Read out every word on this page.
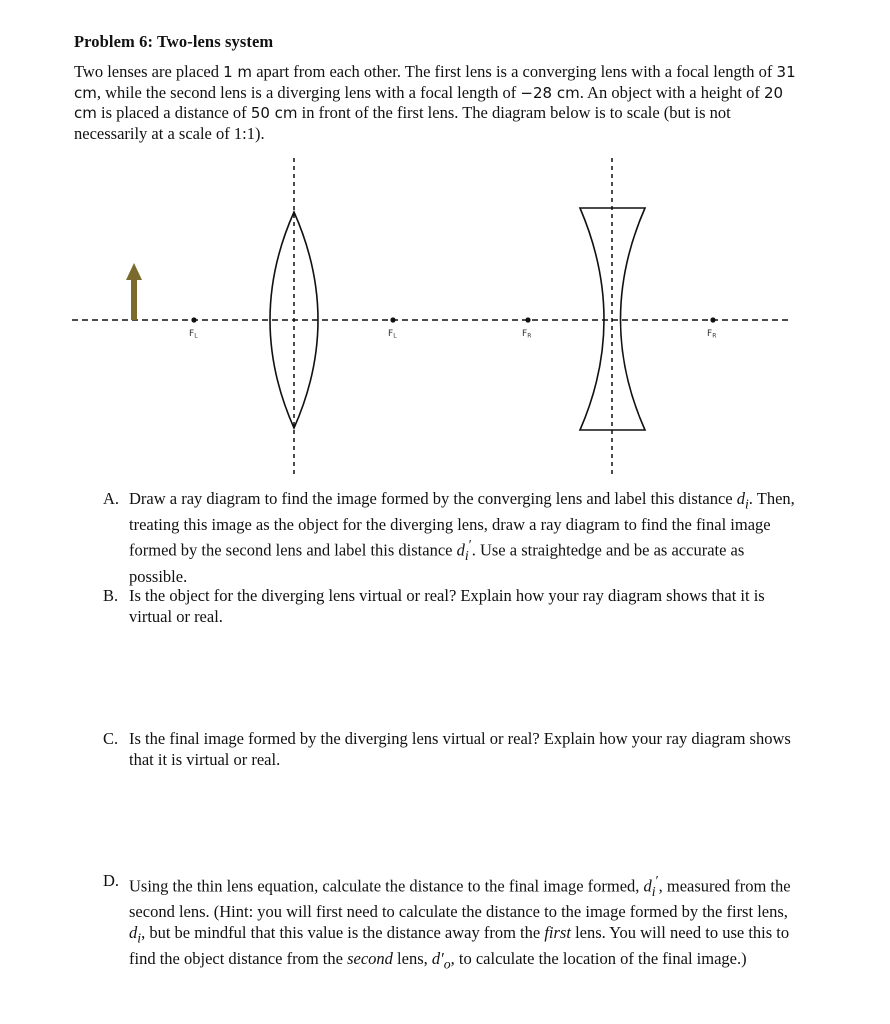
Problem 6: Two-lens system
Two lenses are placed 1 m apart from each other. The first lens is a converging lens with a focal length of 31 cm, while the second lens is a diverging lens with a focal length of −28 cm. An object with a height of 20 cm is placed a distance of 50 cm in front of the first lens. The diagram below is to scale (but is not necessarily at a scale of 1:1).
FL	FL	FR	FR
A. Draw a ray diagram to find the image formed by the converging lens and label this distance $d_i$. Then, treating this image as the object for the diverging lens, draw a ray diagram to find the final image formed by the second lens and label this distance $d_i'$. Use a straightedge and be as accurate as possible.
B. Is the object for the diverging lens virtual or real? Explain how your ray diagram shows that it is virtual or real.
C. Is the final image formed by the diverging lens virtual or real? Explain how your ray diagram shows that it is virtual or real.
D. Using the thin lens equation, calculate the distance to the final image formed, $d_i'$, measured from the second lens. (Hint: you will first need to calculate the distance to the image formed by the first lens, $d_i$, but be mindful that this value is the distance away from the first lens. You will need to use this to find the object distance from the second lens, $d'_o$, to calculate the location of the final image.)
